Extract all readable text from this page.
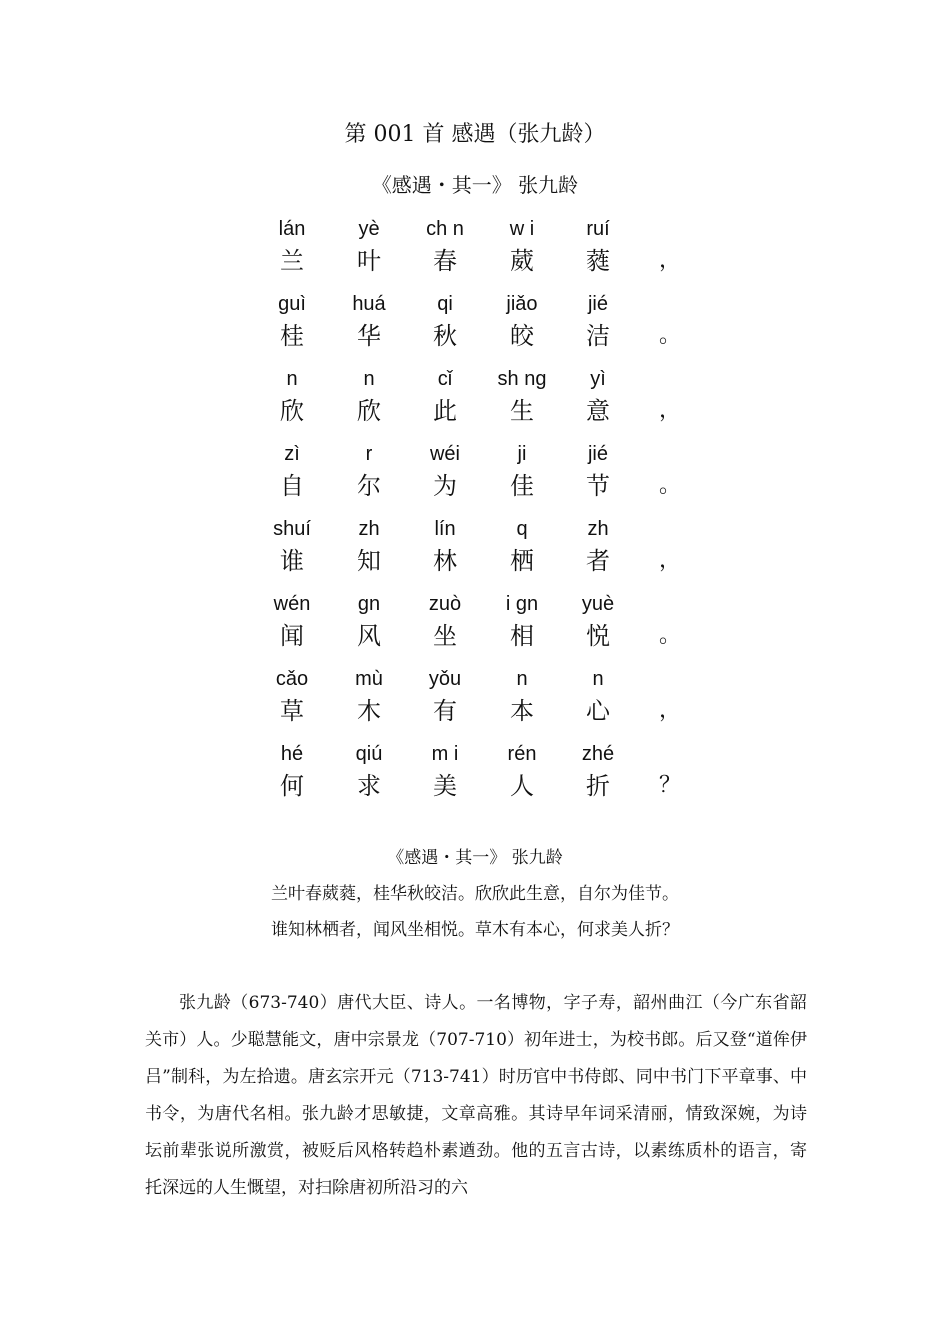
第 001 首 感遇（张九龄）
《感遇・其一》 张九龄
lán	yè	ch n	w i	ruí
兰	叶	春	葳	蕤	，
guì	huá	qi	jiǎo	jié
桂	华	秋	皎	洁	。
n	n	cǐ	sh ng	yì
欣	欣	此	生	意	，
zì	r	wéi	ji	jié
自	尔	为	佳	节	。
shuí	zh	lín	q	zh
谁	知	林	栖	者	，
wén	gn	zuò	i gn	yuè
闻	风	坐	相	悦	。
cǎo	mù	yǒu	n	n
草	木	有	本	心	，
hé	qiú	m i	rén	zhé
何	求	美	人	折	？
《感遇・其一》 张九龄
兰叶春葳蕤，桂华秋皎洁。欣欣此生意，自尔为佳节。
谁知林栖者，闻风坐相悦。草木有本心，何求美人折？
张九龄（673-740）唐代大臣、诗人。一名博物，字子寿，韶州曲江（今广东省韶关市）人。少聪慧能文，唐中宗景龙（707-710）初年进士，为校书郎。后又登“道侔伊吕”制科，为左拾遗。唐玄宗开元（713-741）时历官中书侍郎、同中书门下平章事、中书令，为唐代名相。张九龄才思敏捷，文章高雅。其诗早年词采清丽，情致深婉，为诗坛前辈张说所激赏，被贬后风格转趋朴素遒劲。他的五言古诗，以素练质朴的语言，寄托深远的人生慨望，对扫除唐初所沿习的六
